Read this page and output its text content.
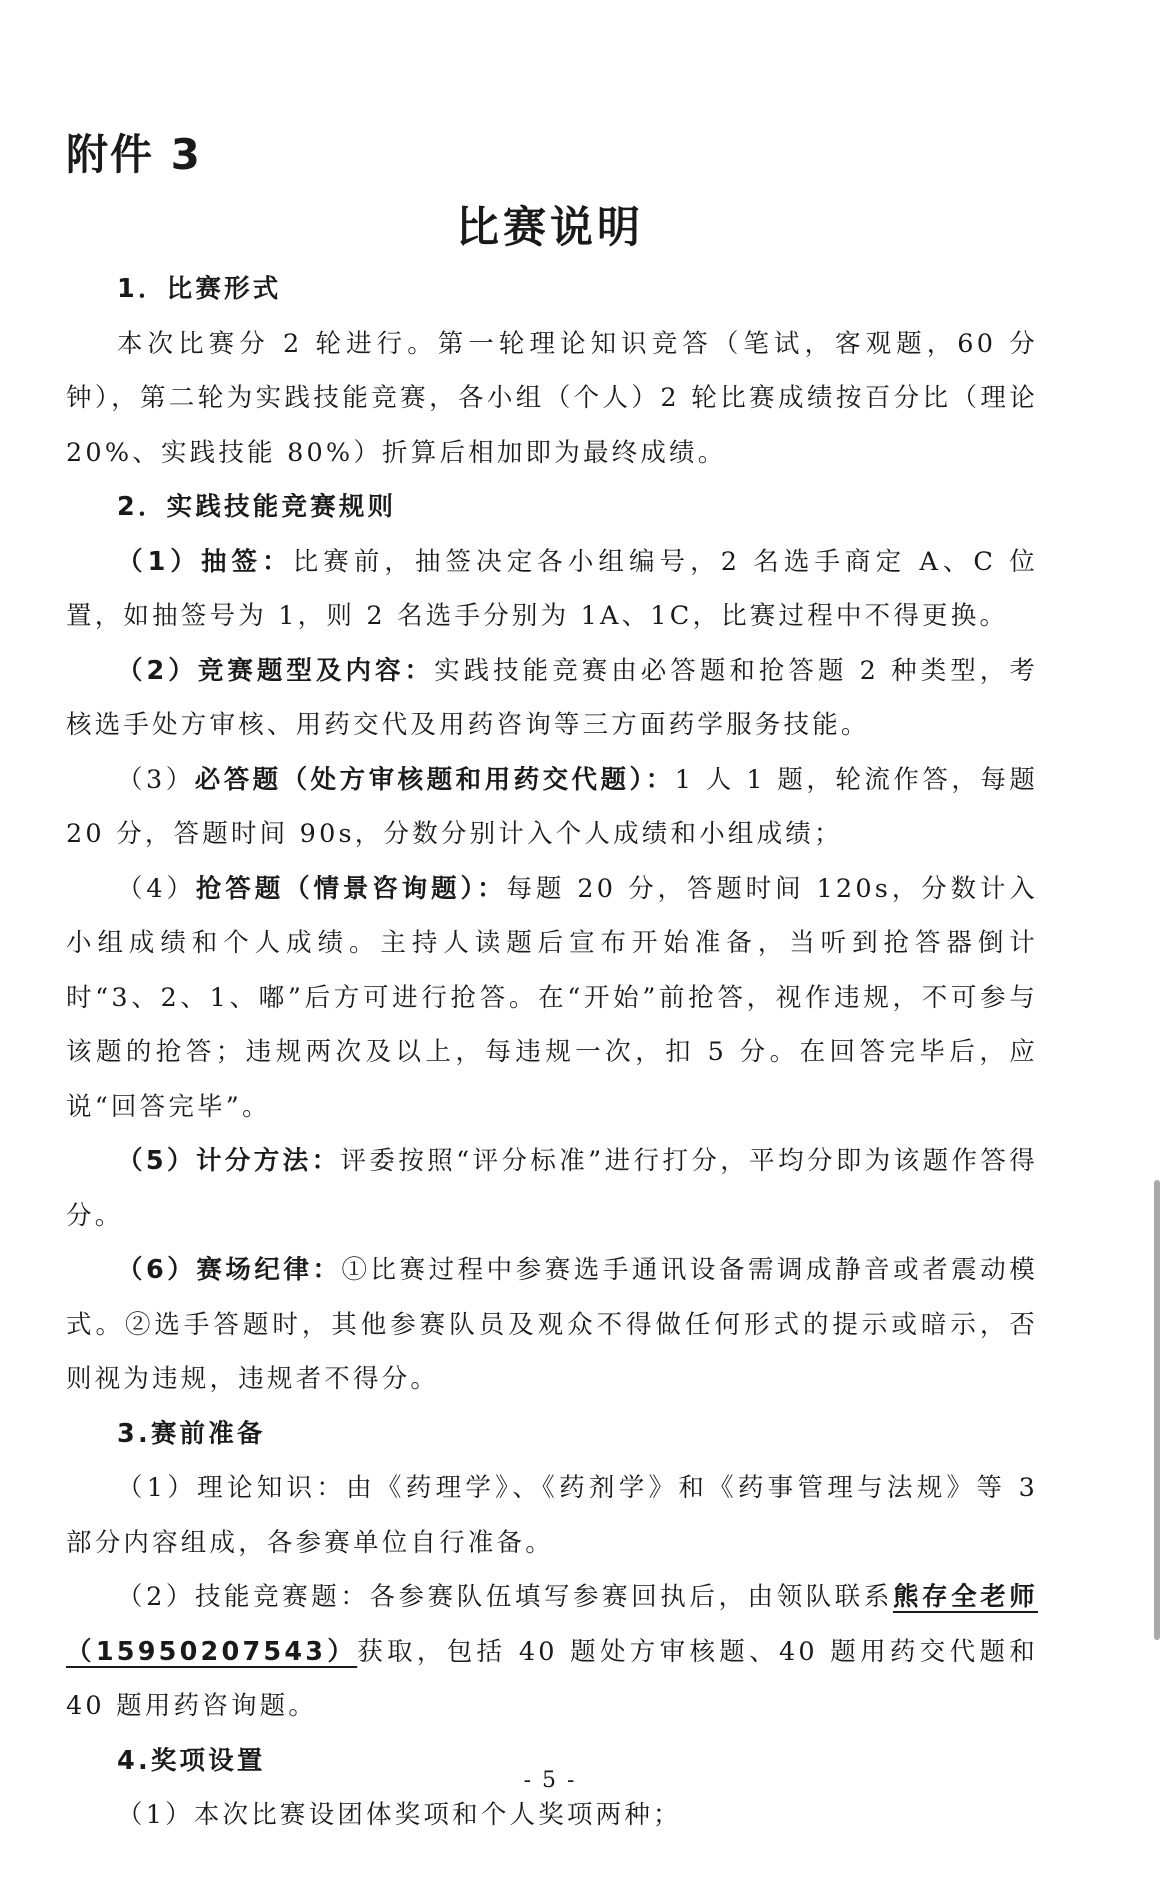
附件 3
比赛说明

1．比赛形式

本次比赛分 2 轮进行。第一轮理论知识竞答（笔试，客观题，60 分钟），第二轮为实践技能竞赛，各小组（个人）2 轮比赛成绩按百分比（理论 20%、实践技能 80%）折算后相加即为最终成绩。

2．实践技能竞赛规则

（1）抽签：比赛前，抽签决定各小组编号，2 名选手商定 A、C 位置，如抽签号为 1，则 2 名选手分别为 1A、1C，比赛过程中不得更换。

（2）竞赛题型及内容：实践技能竞赛由必答题和抢答题 2 种类型，考核选手处方审核、用药交代及用药咨询等三方面药学服务技能。

（3）必答题（处方审核题和用药交代题）：1 人 1 题，轮流作答，每题 20 分，答题时间 90s，分数分别计入个人成绩和小组成绩；

（4）抢答题（情景咨询题）：每题 20 分，答题时间 120s，分数计入小组成绩和个人成绩。主持人读题后宣布开始准备，当听到抢答器倒计时“3、2、1、嘟”后方可进行抢答。在“开始”前抢答，视作违规，不可参与该题的抢答；违规两次及以上，每违规一次，扣 5 分。在回答完毕后，应说“回答完毕”。

（5）计分方法：评委按照“评分标准”进行打分，平均分即为该题作答得分。

（6）赛场纪律：①比赛过程中参赛选手通讯设备需调成静音或者震动模式。②选手答题时，其他参赛队员及观众不得做任何形式的提示或暗示，否则视为违规，违规者不得分。

3.赛前准备

（1）理论知识：由《药理学》、《药剂学》和《药事管理与法规》等 3 部分内容组成，各参赛单位自行准备。

（2）技能竞赛题：各参赛队伍填写参赛回执后，由领队联系熊存全老师（15950207543）获取，包括 40 题处方审核题、40 题用药交代题和 40 题用药咨询题。

4.奖项设置

（1）本次比赛设团体奖项和个人奖项两种；

- 5 -
